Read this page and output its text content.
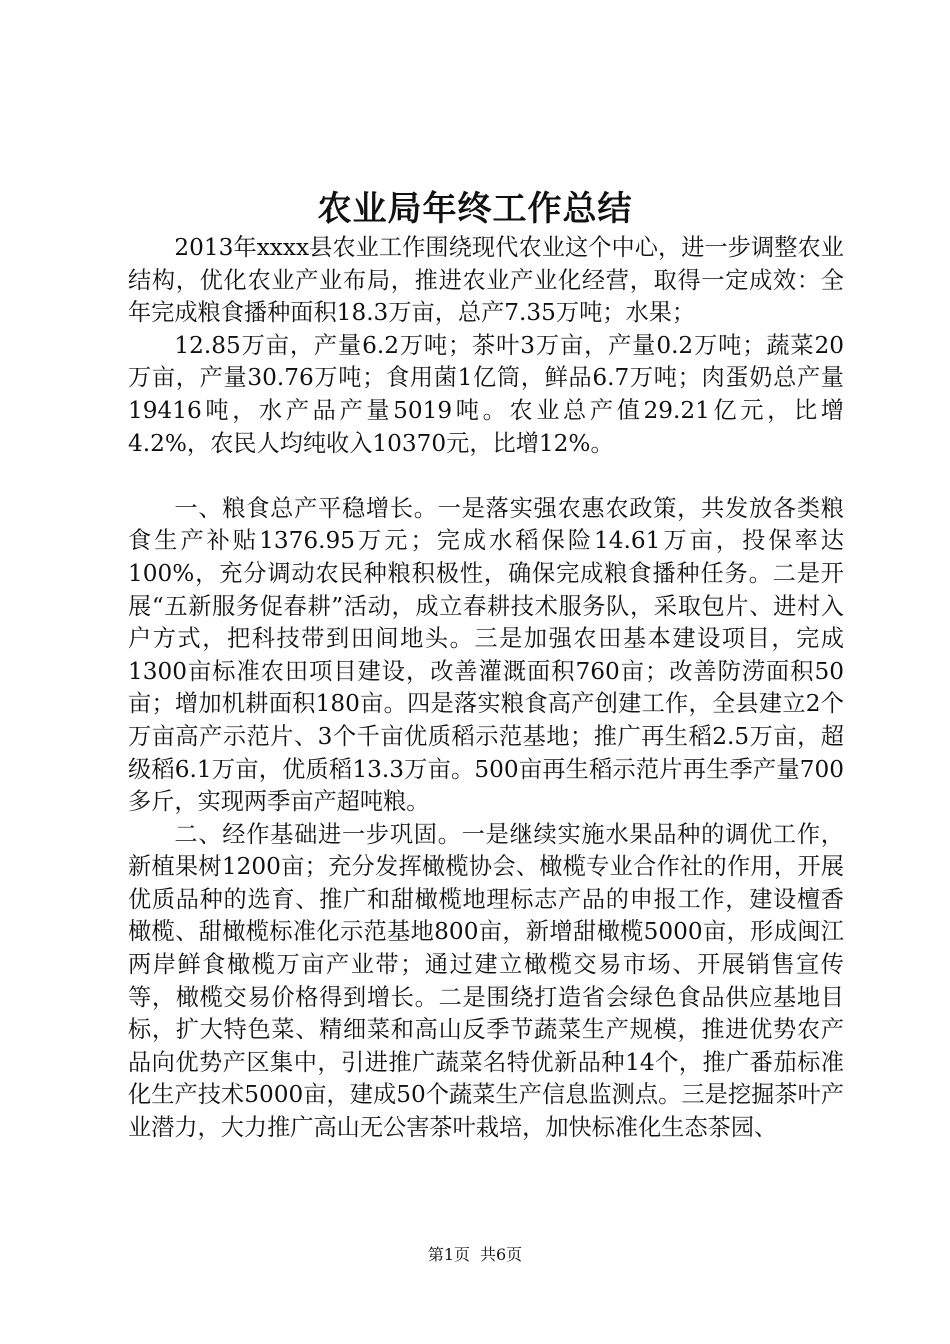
农业局年终工作总结

2013年xxxx县农业工作围绕现代农业这个中心，进一步调整农业结构，优化农业产业布局，推进农业产业化经营，取得一定成效：全年完成粮食播种面积18.3万亩，总产7.35万吨；水果；

12.85万亩，产量6.2万吨；茶叶3万亩，产量0.2万吨；蔬菜20万亩，产量30.76万吨；食用菌1亿筒，鲜品6.7万吨；肉蛋奶总产量19416吨，水产品产量5019吨。农业总产值29.21亿元，比增4.2%，农民人均纯收入10370元，比增12%。

一、粮食总产平稳增长。一是落实强农惠农政策，共发放各类粮食生产补贴1376.95万元；完成水稻保险14.61万亩，投保率达100%，充分调动农民种粮积极性，确保完成粮食播种任务。二是开展“五新服务促春耕”活动，成立春耕技术服务队，采取包片、进村入户方式，把科技带到田间地头。三是加强农田基本建设项目，完成1300亩标准农田项目建设，改善灌溉面积760亩；改善防涝面积50亩；增加机耕面积180亩。四是落实粮食高产创建工作，全县建立2个万亩高产示范片、3个千亩优质稻示范基地；推广再生稻2.5万亩，超级稻6.1万亩，优质稻13.3万亩。500亩再生稻示范片再生季产量700多斤，实现两季亩产超吨粮。

二、经作基础进一步巩固。一是继续实施水果品种的调优工作，新植果树1200亩；充分发挥橄榄协会、橄榄专业合作社的作用，开展优质品种的选育、推广和甜橄榄地理标志产品的申报工作，建设檀香橄榄、甜橄榄标准化示范基地800亩，新增甜橄榄5000亩，形成闽江两岸鲜食橄榄万亩产业带；通过建立橄榄交易市场、开展销售宣传等，橄榄交易价格得到增长。二是围绕打造省会绿色食品供应基地目标，扩大特色菜、精细菜和高山反季节蔬菜生产规模，推进优势农产品向优势产区集中，引进推广蔬菜名特优新品种14个，推广番茄标准化生产技术5000亩，建成50个蔬菜生产信息监测点。三是挖掘茶叶产业潜力，大力推广高山无公害茶叶栽培，加快标准化生态茶园、

第1页 共6页
